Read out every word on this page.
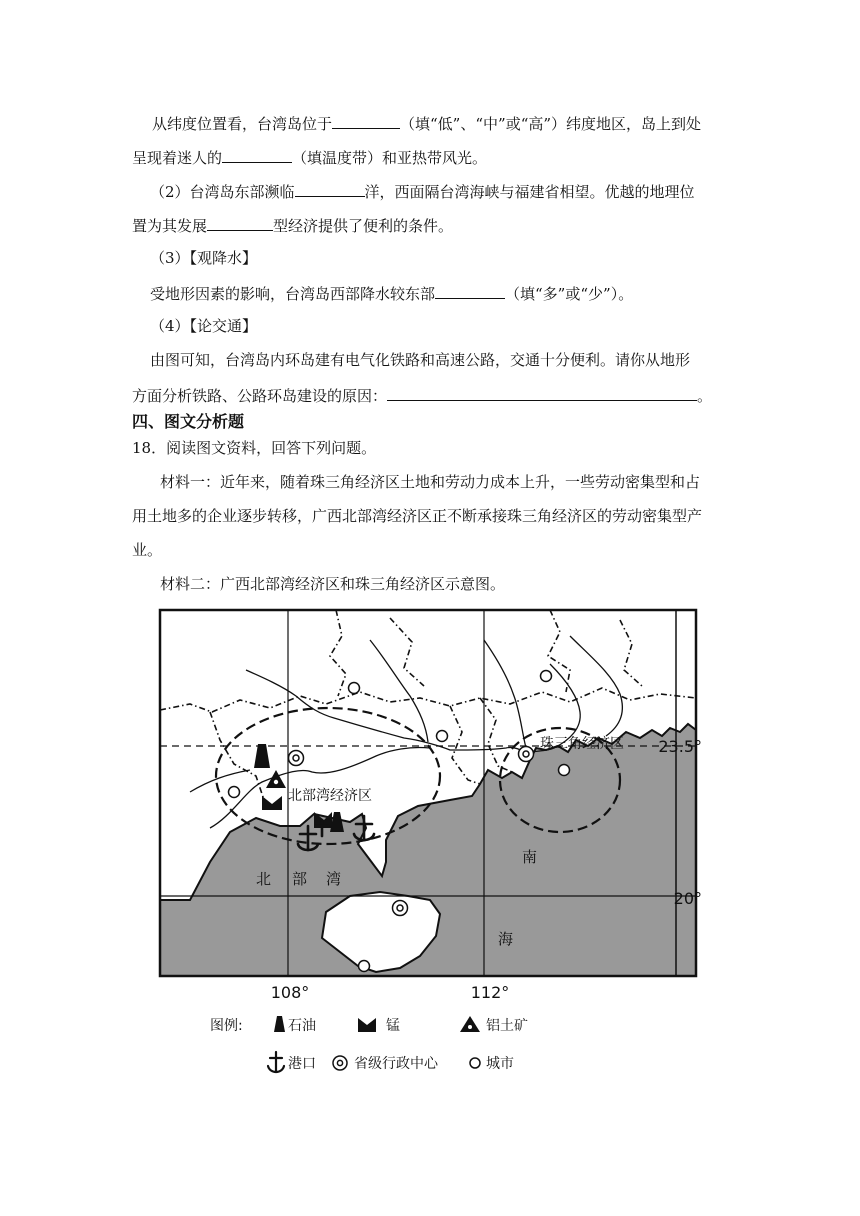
从纬度位置看，台湾岛位于	（填“低”、“中”或“高”）纬度地区，岛上到处
呈现着迷人的	（填温度带）和亚热带风光。
（2）台湾岛东部濒临	洋，西面隔台湾海峡与福建省相望。优越的地理位
置为其发展	型经济提供了便利的条件。
（3）【观降水】
受地形因素的影响，台湾岛西部降水较东部	（填“多”或“少”）。
（4）【论交通】
由图可知，台湾岛内环岛建有电气化铁路和高速公路，交通十分便利。请你从地形
方面分析铁路、公路环岛建设的原因：	。
四、图文分析题
18．阅读图文资料，回答下列问题。
材料一：近年来，随着珠三角经济区土地和劳动力成本上升，一些劳动密集型和占
用土地多的企业逐步转移，广西北部湾经济区正不断承接珠三角经济区的劳动密集型产
业。
材料二：广西北部湾经济区和珠三角经济区示意图。
北部湾经济区
珠三角经济区 23.5°
20°
108°	112°
北 部 湾
南
海
图例:	石油	锰	铝土矿
港口	省级行政中心	城市
